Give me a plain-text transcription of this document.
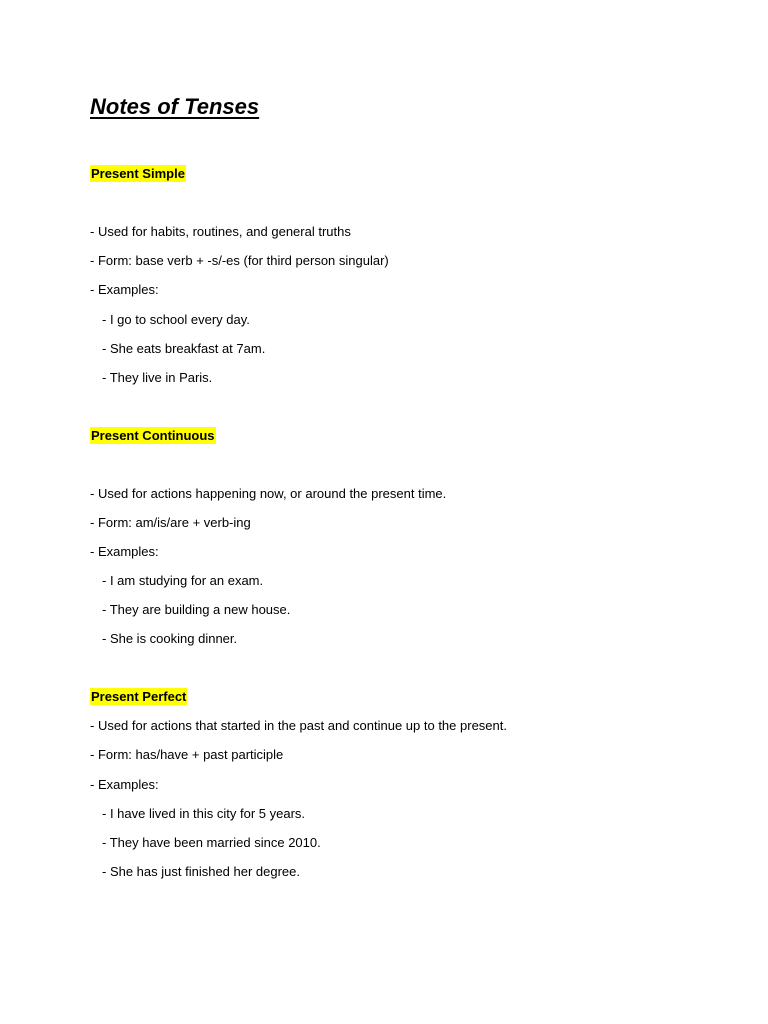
Notes of Tenses
Present Simple

- Used for habits, routines, and general truths

- Form: base verb + -s/-es (for third person singular)

- Examples:

- I go to school every day.

- She eats breakfast at 7am.

- They live in Paris.

Present Continuous

- Used for actions happening now, or around the present time.

- Form: am/is/are + verb-ing

- Examples:

- I am studying for an exam.

- They are building a new house.

- She is cooking dinner.

Present Perfect

- Used for actions that started in the past and continue up to the present.

- Form: has/have + past participle

- Examples:

- I have lived in this city for 5 years.

- They have been married since 2010.

- She has just finished her degree.
